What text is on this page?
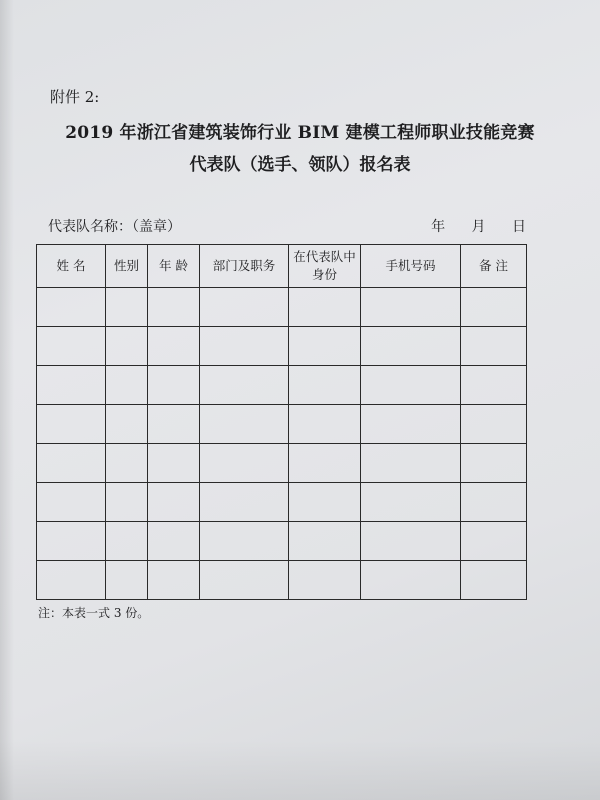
附件 2:
2019 年浙江省建筑装饰行业 BIM 建模工程师职业技能竞赛
代表队（选手、领队）报名表
代表队名称：（盖章）	年 月 日
姓 名	性别	年 龄	部门及职务	在代表队中身份	手机号码	备 注

注：本表一式 3 份。
